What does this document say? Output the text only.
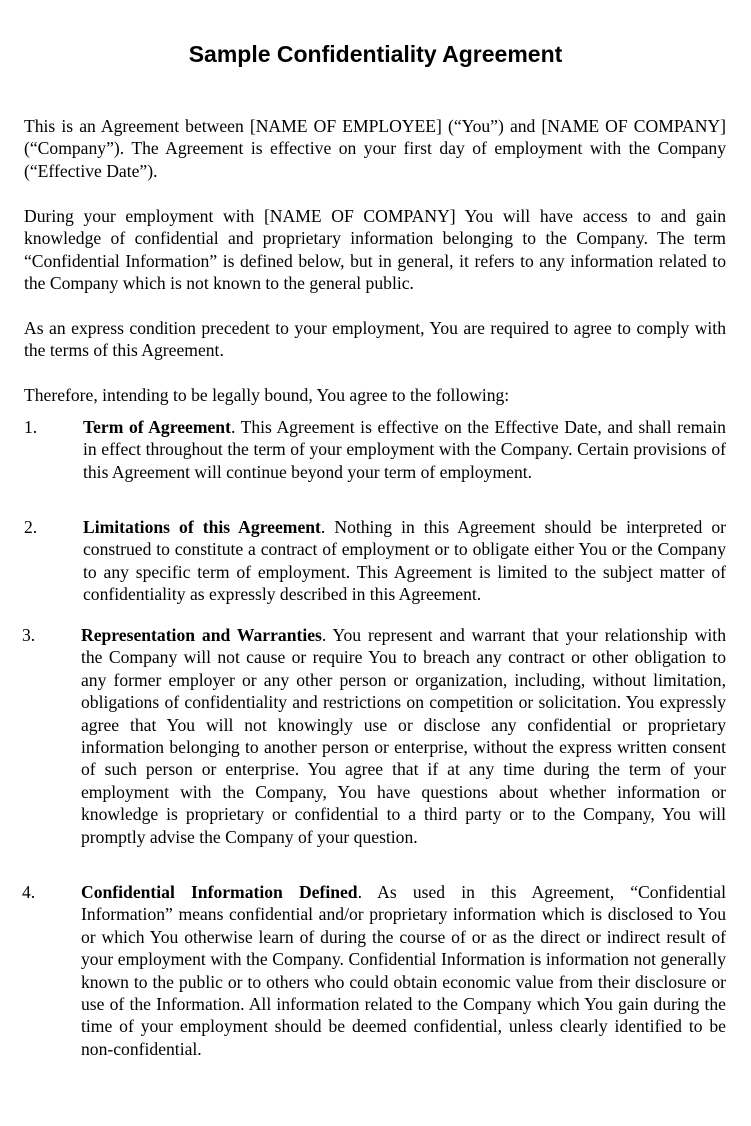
Sample Confidentiality Agreement

This is an Agreement between [NAME OF EMPLOYEE] (“You”) and [NAME OF COMPANY] (“Company”). The Agreement is effective on your first day of employment with the Company (“Effective Date”).

During your employment with [NAME OF COMPANY] You will have access to and gain knowledge of confidential and proprietary information belonging to the Company. The term “Confidential Information” is defined below, but in general, it refers to any information related to the Company which is not known to the general public.

As an express condition precedent to your employment, You are required to agree to comply with the terms of this Agreement.

Therefore, intending to be legally bound, You agree to the following:

1.	Term of Agreement. This Agreement is effective on the Effective Date, and shall remain in effect throughout the term of your employment with the Company. Certain provisions of this Agreement will continue beyond your term of employment.
2.	Limitations of this Agreement. Nothing in this Agreement should be interpreted or construed to constitute a contract of employment or to obligate either You or the Company to any specific term of employment. This Agreement is limited to the subject matter of confidentiality as expressly described in this Agreement.
3.	Representation and Warranties. You represent and warrant that your relationship with the Company will not cause or require You to breach any contract or other obligation to any former employer or any other person or organization, including, without limitation, obligations of confidentiality and restrictions on competition or solicitation. You expressly agree that You will not knowingly use or disclose any confidential or proprietary information belonging to another person or enterprise, without the express written consent of such person or enterprise. You agree that if at any time during the term of your employment with the Company, You have questions about whether information or knowledge is proprietary or confidential to a third party or to the Company, You will promptly advise the Company of your question.
4.	Confidential Information Defined. As used in this Agreement, “Confidential Information” means confidential and/or proprietary information which is disclosed to You or which You otherwise learn of during the course of or as the direct or indirect result of your employment with the Company. Confidential Information is information not generally known to the public or to others who could obtain economic value from their disclosure or use of the Information. All information related to the Company which You gain during the time of your employment should be deemed confidential, unless clearly identified to be non-confidential.
